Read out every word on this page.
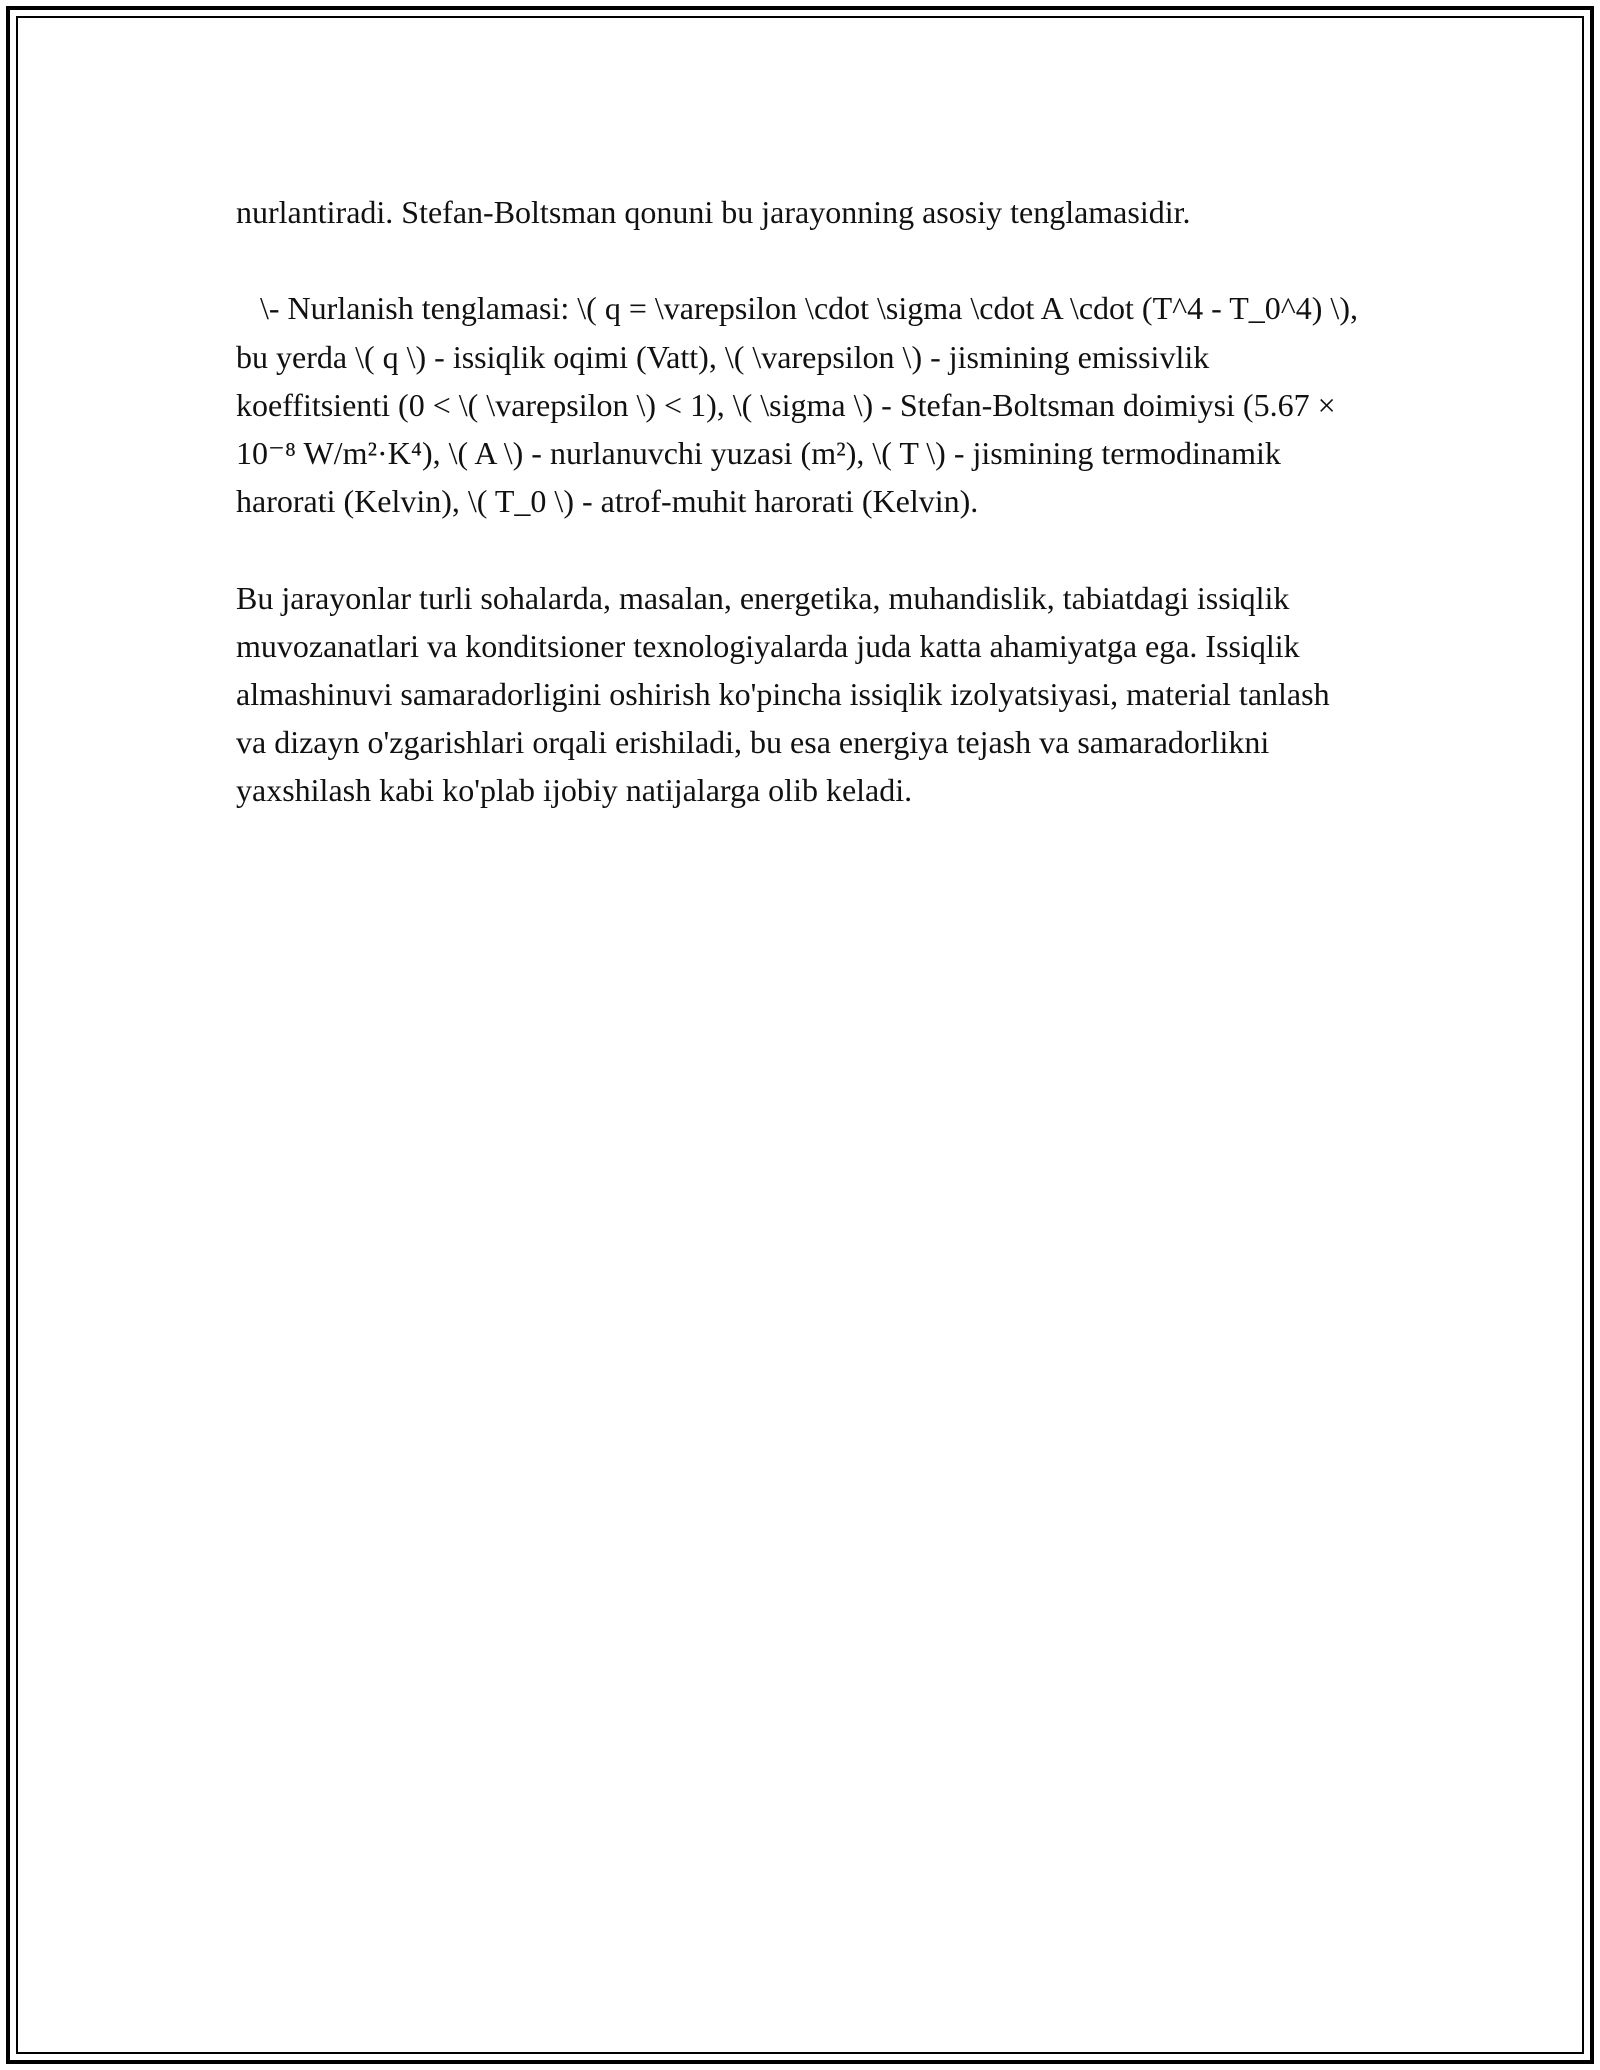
nurlantiradi. Stefan-Boltsman qonuni bu jarayonning asosiy tenglamasidir.

\- Nurlanish tenglamasi: \( q = \varepsilon \cdot \sigma \cdot A \cdot (T^4 - T_0^4) \), bu yerda \( q \) - issiqlik oqimi (Vatt), \( \varepsilon \) - jismining emissivlik koeffitsienti (0 < \( \varepsilon \) < 1), \( \sigma \) - Stefan-Boltsman doimiysi (5.67 × 10⁻⁸ W/m²·K⁴), \( A \) - nurlanuvchi yuzasi (m²), \( T \) - jismining termodinamik harorati (Kelvin), \( T_0 \) - atrof-muhit harorati (Kelvin).

Bu jarayonlar turli sohalarda, masalan, energetika, muhandislik, tabiatdagi issiqlik muvozanatlari va konditsioner texnologiyalarda juda katta ahamiyatga ega. Issiqlik almashinuvi samaradorligini oshirish ko'pincha issiqlik izolyatsiyasi, material tanlash va dizayn o'zgarishlari orqali erishiladi, bu esa energiya tejash va samaradorlikni yaxshilash kabi ko'plab ijobiy natijalarga olib keladi.
